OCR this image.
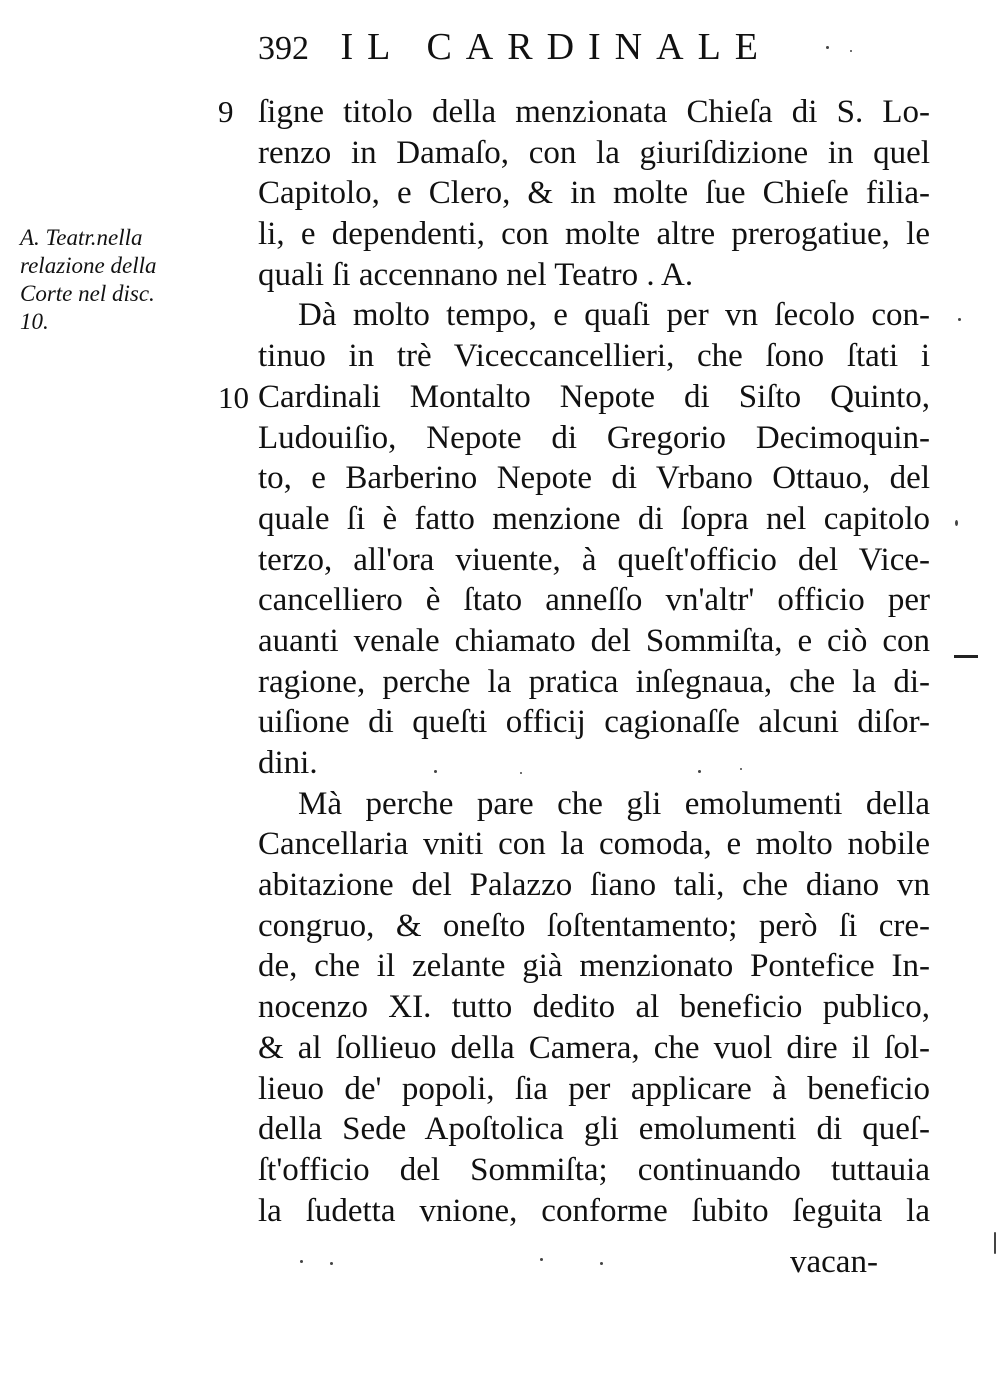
392 IL CARDINALE
A. Teatr.nella
relazione della
Corte nel disc.
10.
9
10
ſigne titolo della menzionata Chieſa di S. Lo-
renzo in Damaſo, con la giuriſdizione in quel
Capitolo, e Clero, & in molte ſue Chieſe filia-
li, e dependenti, con molte altre prerogatiue, le
quali ſi accennano nel Teatro . A.
Dà molto tempo, e quaſi per vn ſecolo con-
tinuo in trè Viceccancellieri, che ſono ſtati i
Cardinali Montalto Nepote di Siſto Quinto,
Ludouiſio, Nepote di Gregorio Decimoquin-
to, e Barberino Nepote di Vrbano Ottauo, del
quale ſi è fatto menzione di ſopra nel capitolo
terzo, all'ora viuente, à queſt'officio del Vice-
cancelliero è ſtato anneſſo vn'altr' officio per
auanti venale chiamato del Sommiſta, e ciò con
ragione, perche la pratica inſegnaua, che la di-
uiſione di queſti officij cagionaſſe alcuni diſor-
dini.
Mà perche pare che gli emolumenti della
Cancellaria vniti con la comoda, e molto nobile
abitazione del Palazzo ſiano tali, che diano vn
congruo, & oneſto ſoſtentamento; però ſi cre-
de, che il zelante già menzionato Pontefice In-
nocenzo XI. tutto dedito al beneficio publico,
& al ſollieuo della Camera, che vuol dire il ſol-
lieuo de' popoli, ſia per applicare à beneficio
della Sede Apoſtolica gli emolumenti di queſ-
ſt'officio del Sommiſta; continuando tuttauia
la ſudetta vnione, conforme ſubito ſeguita la
vacan-
